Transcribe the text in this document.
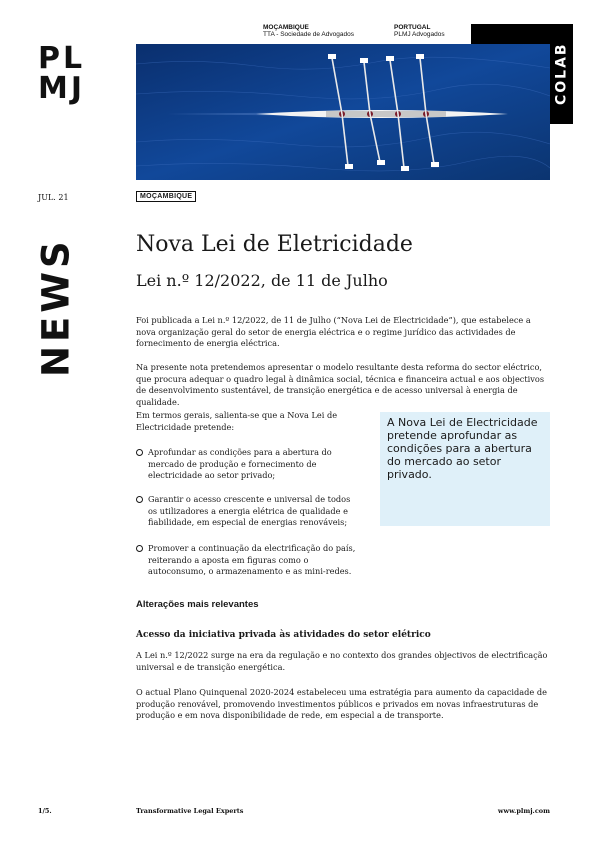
PL
MJ
MOÇAMBIQUE
TTA - Sociedade de Advogados
PORTUGAL
PLMJ Advogados
COLAB
JUL. 21	MOÇAMBIQUE
NEWS	Nova Lei de Eletricidade
Lei n.º 12/2022, de 11 de Julho
Foi publicada a Lei n.º 12/2022, de 11 de Julho (“Nova Lei de Electricidade”), que estabelece a nova organização geral do setor de energia eléctrica e o regime jurídico das actividades de fornecimento de energia eléctrica.
Na presente nota pretendemos apresentar o modelo resultante desta reforma do sector eléctrico, que procura adequar o quadro legal à dinâmica social, técnica e financeira actual e aos objectivos de desenvolvimento sustentável, de transição energética e de acesso universal à energia de qualidade.
Em termos gerais, salienta-se que a Nova Lei de Electricidade pretende:
Aprofundar as condições para a abertura do mercado de produção e fornecimento de electricidade ao setor privado;
Garantir o acesso crescente e universal de todos os utilizadores a energia elétrica de qualidade e fiabilidade, em especial de energias renováveis;
Promover a continuação da electrificação do país, reiterando a aposta em figuras como o autoconsumo, o armazenamento e as mini-redes.
A Nova Lei de Electricidade pretende aprofundar as condições para a abertura do mercado ao setor privado.
Alterações mais relevantes
Acesso da iniciativa privada às atividades do setor elétrico
A Lei n.º 12/2022 surge na era da regulação e no contexto dos grandes objectivos de electrificação universal e de transição energética.
O actual Plano Quinquenal 2020-2024 estabeleceu uma estratégia para aumento da capacidade de produção renovável, promovendo investimentos públicos e privados em novas infraestruturas de produção e em nova disponibilidade de rede, em especial a de transporte.
1/5.	Transformative Legal Experts	www.plmj.com
